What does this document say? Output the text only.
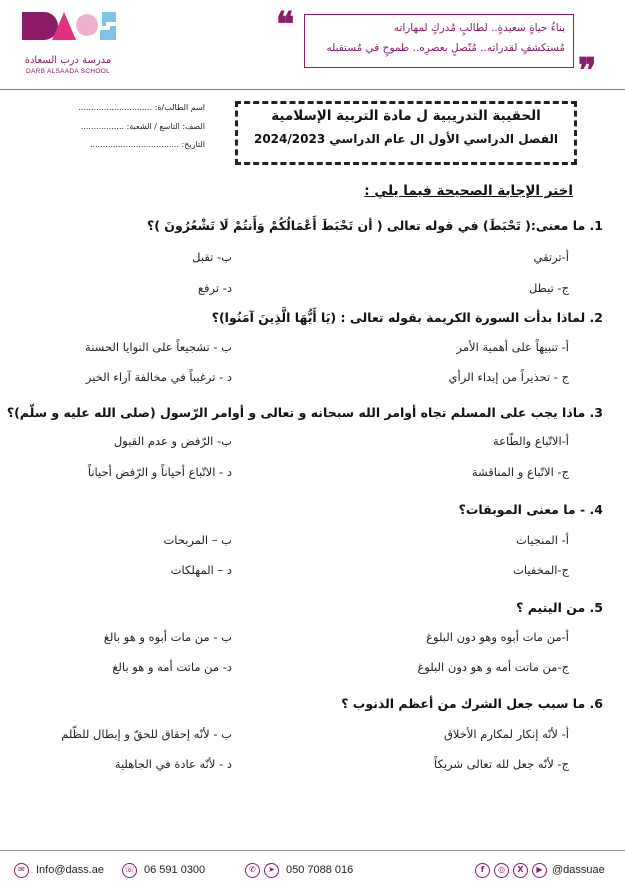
مدرسة درب السعادة
DARB ALSAADA SCHOOL
❝	بناءُ حياةٍ سعيدةٍ.. لطالبٍ مُدركٍ لمهاراته
مُستكشفٍ لقدراته.. مُتّصلٍ بعصرِه.. طموحٍ في مُستقبله
❞
الحقيبة التدريبية ل مادة التربية الإسلامية
الفصل الدراسي الأول ال عام الدراسي 2024/2023
اسم الطالب/ة: .............................
الصف: التاسع / الشعبة: .................
التاريخ: ...................................
اختر الإجابة الصحيحة فيما يلي :
1. ما معنى:( تَحْبَطَ) في قوله تعالى ( أن تَحْبَطَ أَعْمَالُكُمْ وَأَنتُمْ لَا تَشْعُرُونَ )؟
أ-ترتقي
ب- تقبل
ج- تبطل
د- ترفع
2. لماذا بدأت السورة الكريمة بقوله تعالى : (يَا أَيُّهَا الَّذِينَ آمَنُوا)؟
أ- تنبيهاً على أهمية الأمر
ب - تشجيعاً على النوايا الحسنة
ج - تحذيراً من إبداء الرأي
د - ترغيباً في مخالفة آراء الخير
3. ماذا يجب على المسلم تجاه أوامر الله سبحانه و تعالى و أوامر الرّسول (صلى الله عليه و سلّم)؟
أ-الاتّباع والطّاعة
ب- الرّفض و عدم القبول
ج- الاتّباع و المناقشة
د - الاتّباع أحياناً و الرّفض أحياناً
4. - ما معنى الموبقات؟
أ- المنجيات
ب – المربحات
ج-المخفيات
د – المهلكات
5. من اليتيم ؟
أ-من مات أبوه وهو دون البلوغ
ب - من مات أبوه و هو بالغ
ج-من ماتت أمه و هو دون البلوغ
د- من ماتت أمه و هو بالغ
6. ما سبب جعل الشرك من أعظم الذنوب ؟
أ- لأنّه إنكار لمكارم الأخلاق
ب - لأنّه إحقاق للحقّ و إبطال للظّلم
ج- لأنّه جعل لله تعالى شريكاً
د - لأنّه عادة في الجاهلية
✉	Info@dass.ae	☏ 06 591 0300	✆	➤	050 7088 016	f	◎	X	▶ @dassuae
